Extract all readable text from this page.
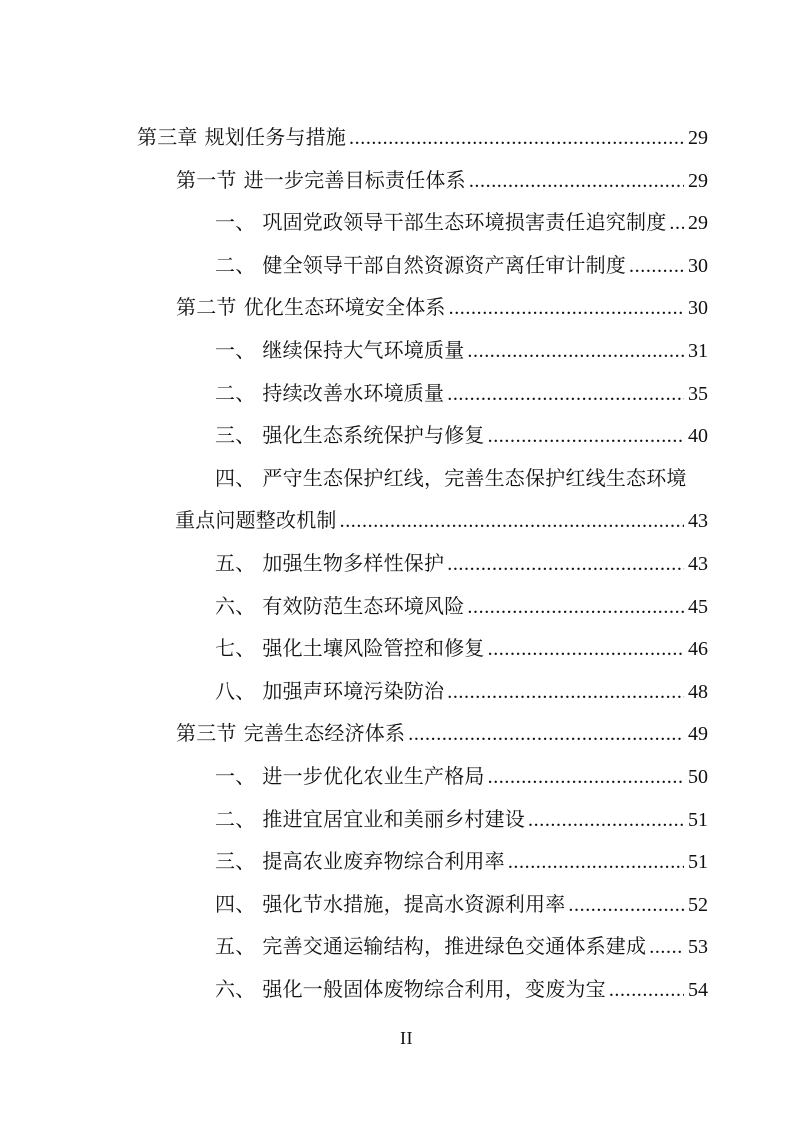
第三章 规划任务与措施 .....	29
第一节 进一步完善目标责任体系 .....	29
一、 巩固党政领导干部生态环境损害责任追究制度 ..... 29
二、 健全领导干部自然资源资产离任审计制度 .....	30
第二节 优化生态环境安全体系 .....	30
一、 继续保持大气环境质量 .....	31
二、 持续改善水环境质量 .....	35
三、 强化生态系统保护与修复 .....	40
四、 严守生态保护红线，完善生态保护红线生态环境
重点问题整改机制 .....	43
五、 加强生物多样性保护 .....	43
六、 有效防范生态环境风险 .....	45
七、 强化土壤风险管控和修复 .....	46
八、 加强声环境污染防治 .....	48
第三节 完善生态经济体系 .....	49
一、 进一步优化农业生产格局 .....	50
二、 推进宜居宜业和美丽乡村建设 .....	51
三、 提高农业废弃物综合利用率 .....	51
四、 强化节水措施，提高水资源利用率 .....	52
五、 完善交通运输结构，推进绿色交通体系建成 ..... 53
六、 强化一般固体废物综合利用，变废为宝 .....	54
II
